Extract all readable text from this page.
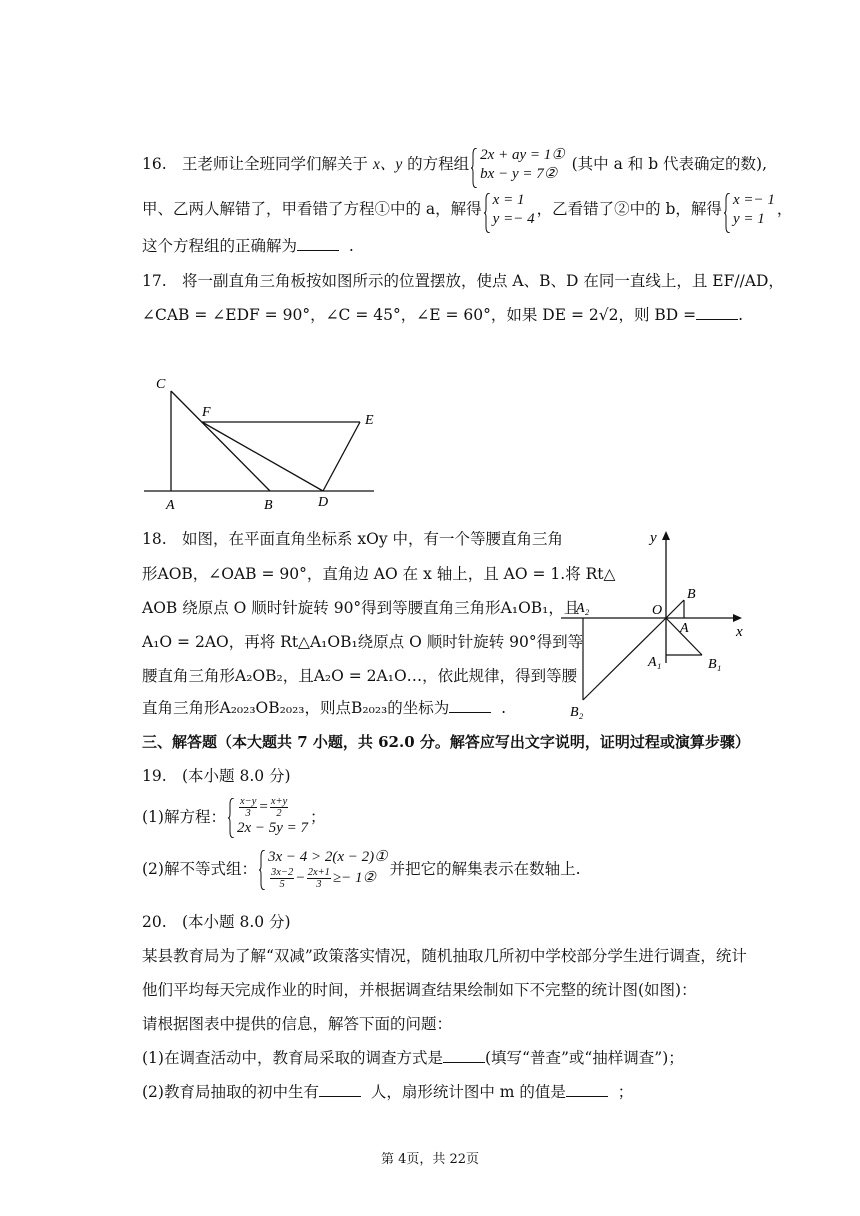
16. 王老师让全班同学们解关于 x、y 的方程组 2x + ay = 1①
bx − y = 7②
(其中 a 和 b 代表确定的数),
甲、乙两人解错了，甲看错了方程①中的 a，解得 x = 1
y =− 4
，乙看错了②中的 b，解得 x =− 1
y = 1
，
这个方程组的正确解为	.
17. 将一副直角三角板按如图所示的位置摆放，使点 A、B、D 在同一直线上，且 EF//AD，
∠CAB = ∠EDF = 90°，∠C = 45°，∠E = 60°，如果 DE = 2√2，则 BD =	.
C
F
E
A	B	D
18. 如图，在平面直角坐标系 xOy 中，有一个等腰直角三角
形AOB，∠OAB = 90°，直角边 AO 在 x 轴上，且 AO = 1.将 Rt△
AOB 绕原点 O 顺时针旋转 90°得到等腰直角三角形A₁OB₁，且
A₁O = 2AO，再将 Rt△A₁OB₁绕原点 O 顺时针旋转 90°得到等
腰直角三角形A₂OB₂，且A₂O = 2A₁O…，依此规律，得到等腰
直角三角形A₂₀₂₃OB₂₀₂₃，则点B₂₀₂₃的坐标为	.
y
x
O
B
A
A₁	B₁
A₂
B₂
三、解答题（本大题共 7 小题，共 62.0 分。解答应写出文字说明，证明过程或演算步骤）
19. (本小题 8.0 分)
(1)解方程： $\frac{x-y}{3} = \frac{x+y}{2}$
2x − 5y = 7
；
(2)解不等式组：
3x − 4 > 2(x − 2)①
$\frac{3x-2}{5} - \frac{2x+1}{3}$ ≥− 1② 并把它的解集表示在数轴上.
20. (本小题 8.0 分)
某县教育局为了解“双减”政策落实情况，随机抽取几所初中学校部分学生进行调查，统计
他们平均每天完成作业的时间，并根据调查结果绘制如下不完整的统计图(如图)：
请根据图表中提供的信息，解答下面的问题：
(1)在调查活动中，教育局采取的调查方式是	(填写“普查”或“抽样调查”)；
(2)教育局抽取的初中生有	人，扇形统计图中 m 的值是	；
第 4页，共 22页
